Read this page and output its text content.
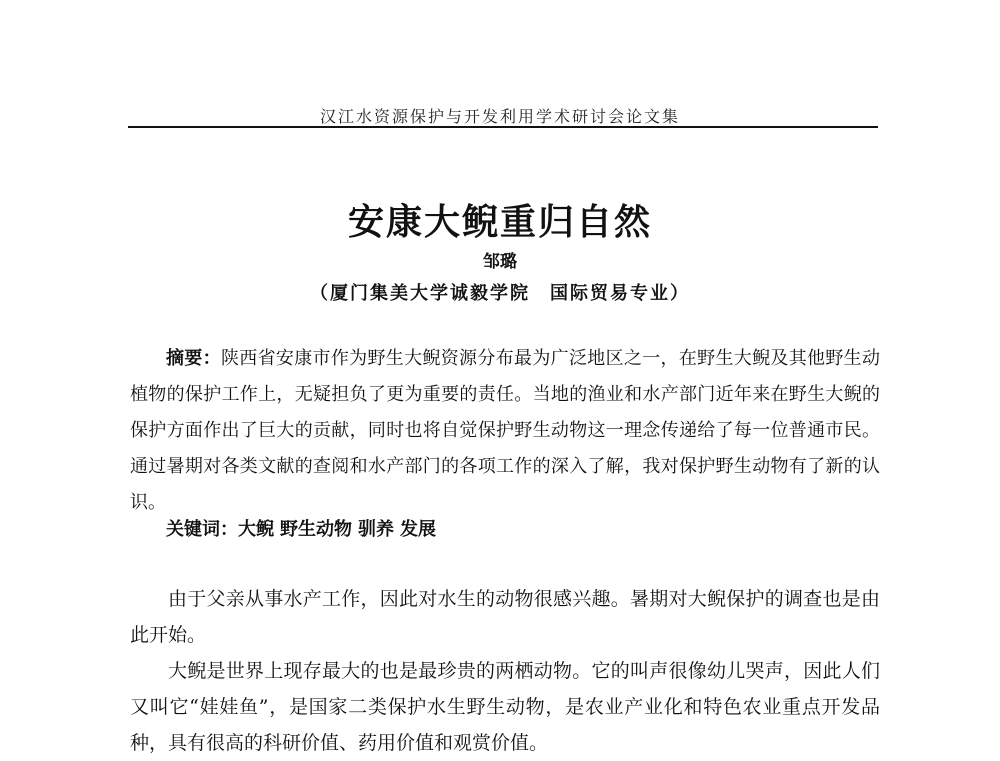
汉江水资源保护与开发利用学术研讨会论文集
安康大鲵重归自然
邹璐
（厦门集美大学诚毅学院　国际贸易专业）
摘要：陕西省安康市作为野生大鲵资源分布最为广泛地区之一，在野生大鲵及其他野生动植物的保护工作上，无疑担负了更为重要的责任。当地的渔业和水产部门近年来在野生大鲵的保护方面作出了巨大的贡献，同时也将自觉保护野生动物这一理念传递给了每一位普通市民。通过暑期对各类文献的查阅和水产部门的各项工作的深入了解，我对保护野生动物有了新的认识。
关键词：大鲵 野生动物 驯养 发展

由于父亲从事水产工作，因此对水生的动物很感兴趣。暑期对大鲵保护的调查也是由此开始。

大鲵是世界上现存最大的也是最珍贵的两栖动物。它的叫声很像幼儿哭声，因此人们又叫它“娃娃鱼”，是国家二类保护水生野生动物，是农业产业化和特色农业重点开发品种，具有很高的科研价值、药用价值和观赏价值。
